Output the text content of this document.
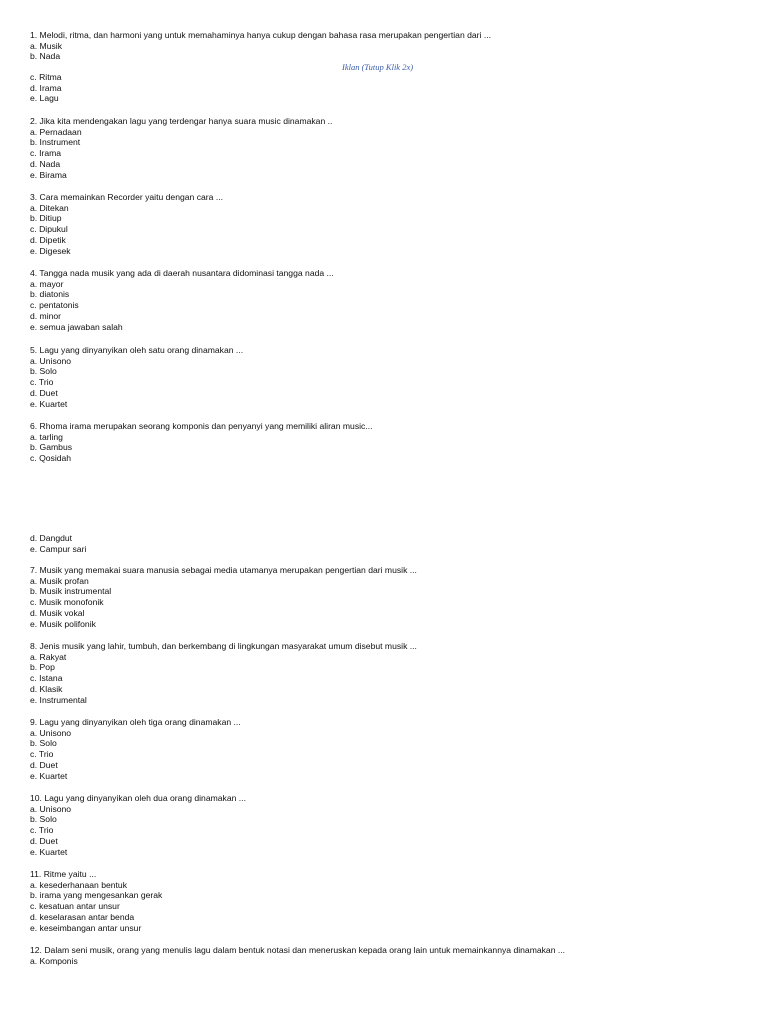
Iklan (Tutup Klik 2x)
1. Melodi, ritma, dan harmoni yang untuk memahaminya hanya cukup dengan bahasa rasa merupakan pengertian dari ...
a. Musik
b. Nada
c. Ritma
d. Irama
e. Lagu
2. Jika kita mendengakan lagu yang terdengar hanya suara music dinamakan ..
a. Pernadaan
b. Instrument
c. Irama
d. Nada
e. Birama
3. Cara memainkan Recorder yaitu dengan cara ...
a. Ditekan
b. Ditiup
c. Dipukul
d. Dipetik
e. Digesek
4. Tangga nada musik yang ada di daerah nusantara didominasi tangga nada ...
a. mayor
b. diatonis
c. pentatonis
d. minor
e. semua jawaban salah
5. Lagu yang dinyanyikan oleh satu orang dinamakan ...
a. Unisono
b. Solo
c. Trio
d. Duet
e. Kuartet
6. Rhoma irama merupakan seorang komponis dan penyanyi yang memiliki aliran music...
a. tarling
b. Gambus
c. Qosidah
d. Dangdut
e. Campur sari
7. Musik yang memakai suara manusia sebagai media utamanya merupakan pengertian dari musik ...
a. Musik profan
b. Musik instrumental
c. Musik monofonik
d. Musik vokal
e. Musik polifonik
8. Jenis musik yang lahir, tumbuh, dan berkembang di lingkungan masyarakat umum disebut musik ...
a. Rakyat
b. Pop
c. Istana
d. Klasik
e. Instrumental
9. Lagu yang dinyanyikan oleh tiga orang dinamakan ...
a. Unisono
b. Solo
c. Trio
d. Duet
e. Kuartet
10. Lagu yang dinyanyikan oleh dua orang dinamakan ...
a. Unisono
b. Solo
c. Trio
d. Duet
e. Kuartet
11. Ritme yaitu ...
a. kesederhanaan bentuk
b. irama yang mengesankan gerak
c. kesatuan antar unsur
d. keselarasan antar benda
e. keseimbangan antar unsur
12. Dalam seni musik, orang yang menulis lagu dalam bentuk notasi dan meneruskan kepada orang lain untuk memainkannya dinamakan ...
a. Komponis
